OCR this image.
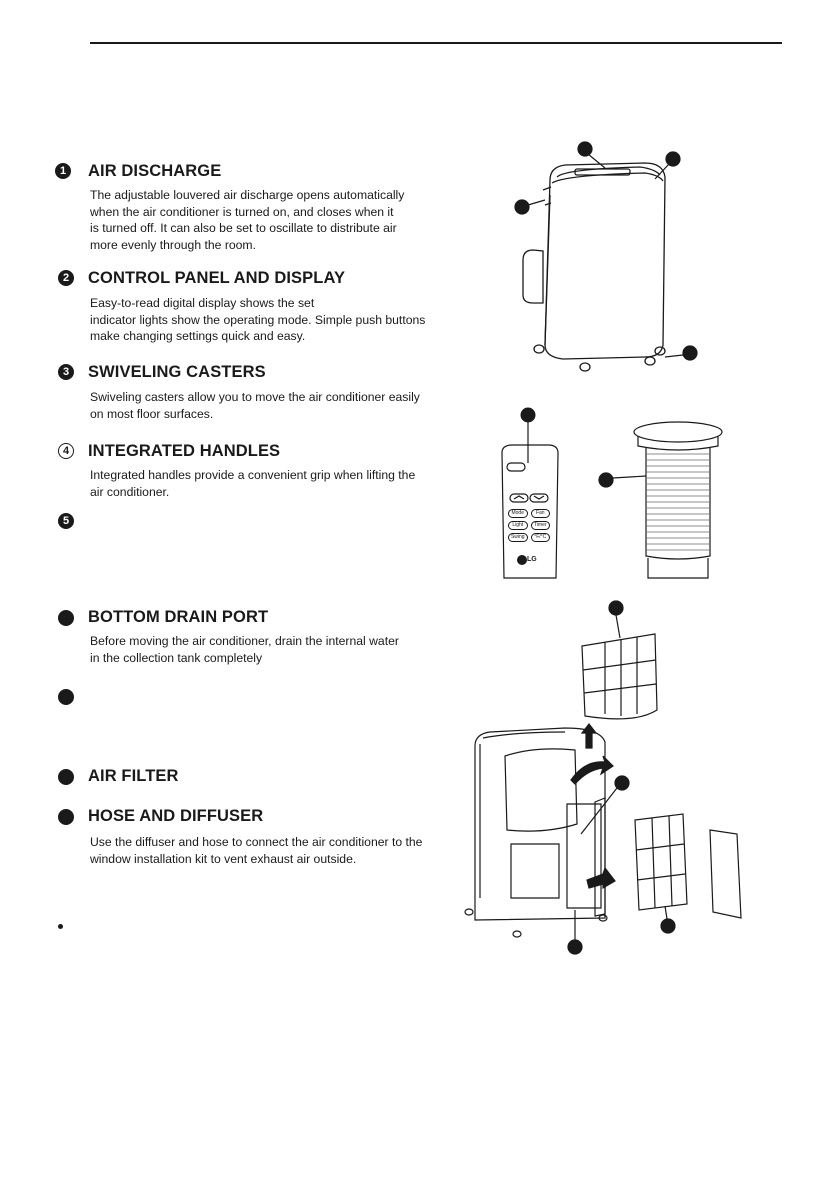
1 AIR DISCHARGE
The adjustable louvered air discharge opens automatically
when the air conditioner is turned on, and closes when it
is turned off. It can also be set to oscillate to distribute air
more evenly through the room.
2 CONTROL PANEL AND DISPLAY
Easy-to-read digital display shows the set
indicator lights show the operating mode. Simple push buttons
make changing settings quick and easy.
3 SWIVELING CASTERS
Swiveling casters allow you to move the air conditioner easily
on most floor surfaces.
4 INTEGRATED HANDLES
Integrated handles provide a convenient grip when lifting the
air conditioner.
5
BOTTOM DRAIN PORT
Before moving the air conditioner, drain the internal water
in the collection tank completely
AIR FILTER
HOSE AND DIFFUSER
Use the diffuser and hose to connect the air conditioner to the
window installation kit to vent exhaust air outside.
Mode	Fan
Light	Timer
Swing	°F/°C
LG
